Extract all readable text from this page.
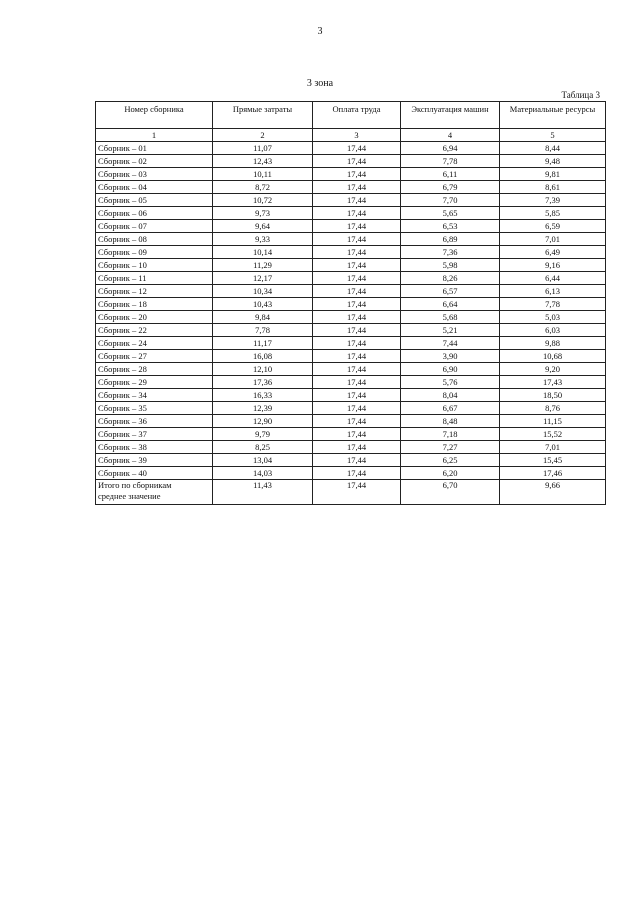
3
3 зона
Таблица 3
Номер сборника	Прямые затраты	Оплата труда	Эксплуатация машин	Материальные ресурсы
1	2	3	4	5
Сборник – 01	11,07	17,44	6,94	8,44
Сборник – 02	12,43	17,44	7,78	9,48
Сборник – 03	10,11	17,44	6,11	9,81
Сборник – 04	8,72	17,44	6,79	8,61
Сборник – 05	10,72	17,44	7,70	7,39
Сборник – 06	9,73	17,44	5,65	5,85
Сборник – 07	9,64	17,44	6,53	6,59
Сборник – 08	9,33	17,44	6,89	7,01
Сборник – 09	10,14	17,44	7,36	6,49
Сборник – 10	11,29	17,44	5,98	9,16
Сборник – 11	12,17	17,44	8,26	6,44
Сборник – 12	10,34	17,44	6,57	6,13
Сборник – 18	10,43	17,44	6,64	7,78
Сборник – 20	9,84	17,44	5,68	5,03
Сборник – 22	7,78	17,44	5,21	6,03
Сборник – 24	11,17	17,44	7,44	9,88
Сборник – 27	16,08	17,44	3,90	10,68
Сборник – 28	12,10	17,44	6,90	9,20
Сборник – 29	17,36	17,44	5,76	17,43
Сборник – 34	16,33	17,44	8,04	18,50
Сборник – 35	12,39	17,44	6,67	8,76
Сборник – 36	12,90	17,44	8,48	11,15
Сборник – 37	9,79	17,44	7,18	15,52
Сборник – 38	8,25	17,44	7,27	7,01
Сборник – 39	13,04	17,44	6,25	15,45
Сборник – 40	14,03	17,44	6,20	17,46
Итого по сборникам
среднее значение	11,43	17,44	6,70	9,66
